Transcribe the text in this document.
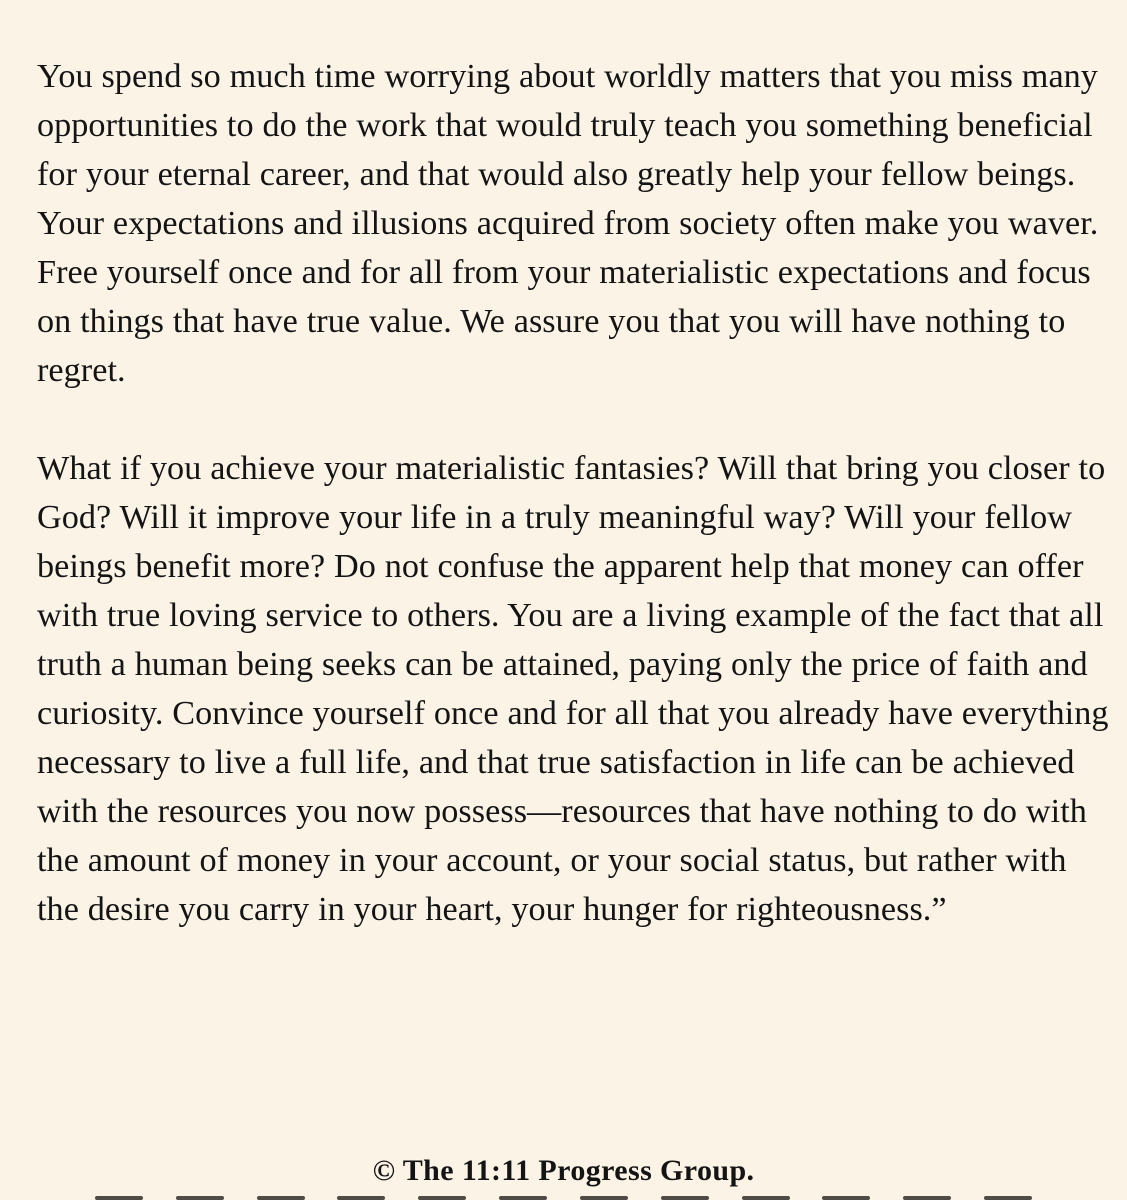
You spend so much time worrying about worldly matters that you miss many opportunities to do the work that would truly teach you something beneficial for your eternal career, and that would also greatly help your fellow beings. Your expectations and illusions acquired from society often make you waver. Free yourself once and for all from your materialistic expectations and focus on things that have true value. We assure you that you will have nothing to regret.

What if you achieve your materialistic fantasies? Will that bring you closer to God? Will it improve your life in a truly meaningful way? Will your fellow beings benefit more? Do not confuse the apparent help that money can offer with true loving service to others. You are a living example of the fact that all truth a human being seeks can be attained, paying only the price of faith and curiosity. Convince yourself once and for all that you already have everything necessary to live a full life, and that true satisfaction in life can be achieved with the resources you now possess—resources that have nothing to do with the amount of money in your account, or your social status, but rather with the desire you carry in your heart, your hunger for righteousness.”

© The 11:11 Progress Group.
